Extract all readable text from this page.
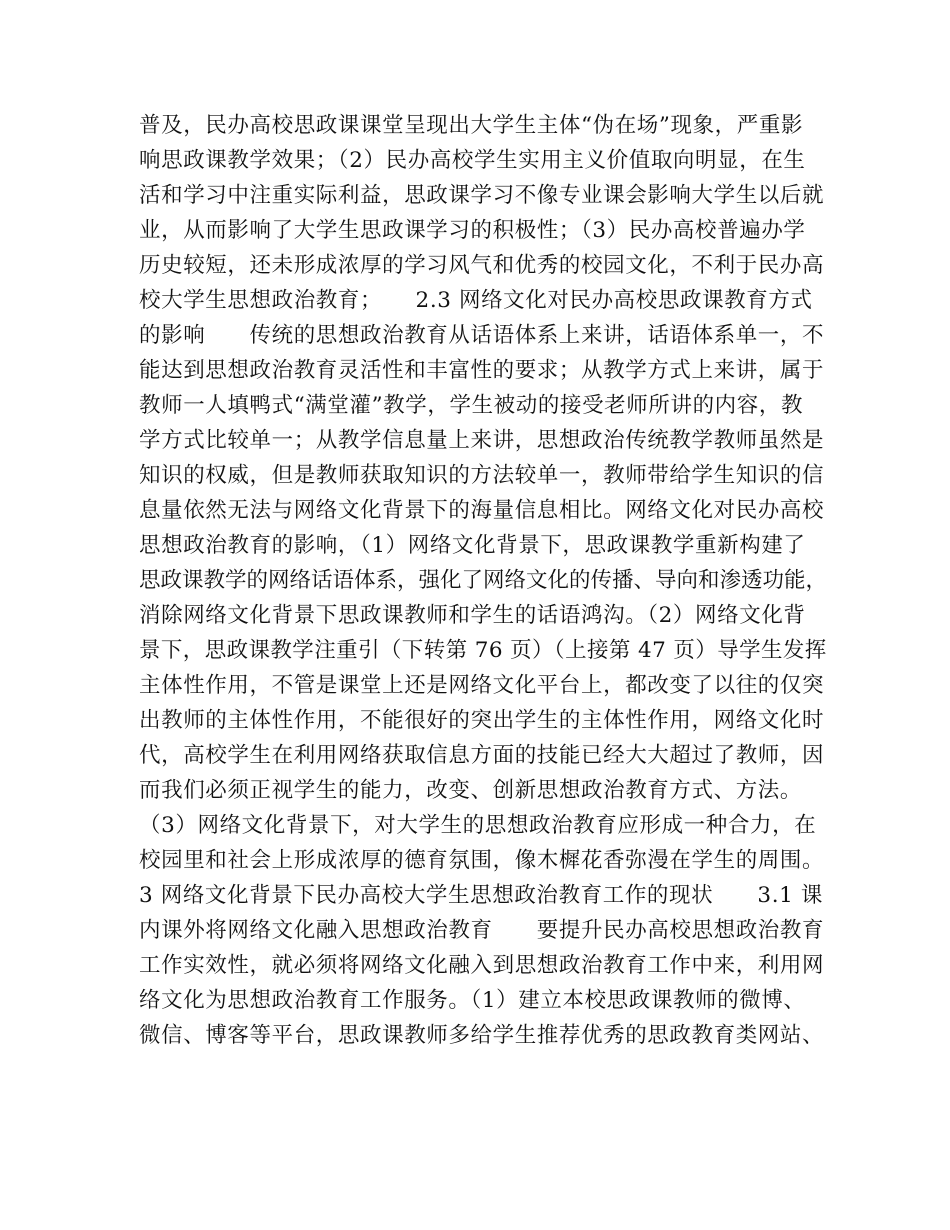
普及，民办高校思政课课堂呈现出大学生主体“伪在场”现象，严重影
响思政课教学效果；（2）民办高校学生实用主义价值取向明显，在生
活和学习中注重实际利益，思政课学习不像专业课会影响大学生以后就
业，从而影响了大学生思政课学习的积极性；（3）民办高校普遍办学
历史较短，还未形成浓厚的学习风气和优秀的校园文化，不利于民办高
校大学生思想政治教育；　　2.3 网络文化对民办高校思政课教育方式
的影响　　传统的思想政治教育从话语体系上来讲，话语体系单一，不
能达到思想政治教育灵活性和丰富性的要求；从教学方式上来讲，属于
教师一人填鸭式“满堂灌”教学，学生被动的接受老师所讲的内容，教
学方式比较单一；从教学信息量上来讲，思想政治传统教学教师虽然是
知识的权威，但是教师获取知识的方法较单一，教师带给学生知识的信
息量依然无法与网络文化背景下的海量信息相比。网络文化对民办高校
思想政治教育的影响，（1）网络文化背景下，思政课教学重新构建了
思政课教学的网络话语体系，强化了网络文化的传播、导向和渗透功能，
消除网络文化背景下思政课教师和学生的话语鸿沟。（2）网络文化背
景下，思政课教学注重引（下转第 76 页）（上接第 47 页）导学生发挥
主体性作用，不管是课堂上还是网络文化平台上，都改变了以往的仅突
出教师的主体性作用，不能很好的突出学生的主体性作用，网络文化时
代，高校学生在利用网络获取信息方面的技能已经大大超过了教师，因
而我们必须正视学生的能力，改变、创新思想政治教育方式、方法。
（3）网络文化背景下，对大学生的思想政治教育应形成一种合力，在
校园里和社会上形成浓厚的德育氛围，像木樨花香弥漫在学生的周围。
3 网络文化背景下民办高校大学生思想政治教育工作的现状　　3.1 课
内课外将网络文化融入思想政治教育　　要提升民办高校思想政治教育
工作实效性，就必须将网络文化融入到思想政治教育工作中来，利用网
络文化为思想政治教育工作服务。（1）建立本校思政课教师的微博、
微信、博客等平台，思政课教师多给学生推荐优秀的思政教育类网站、
